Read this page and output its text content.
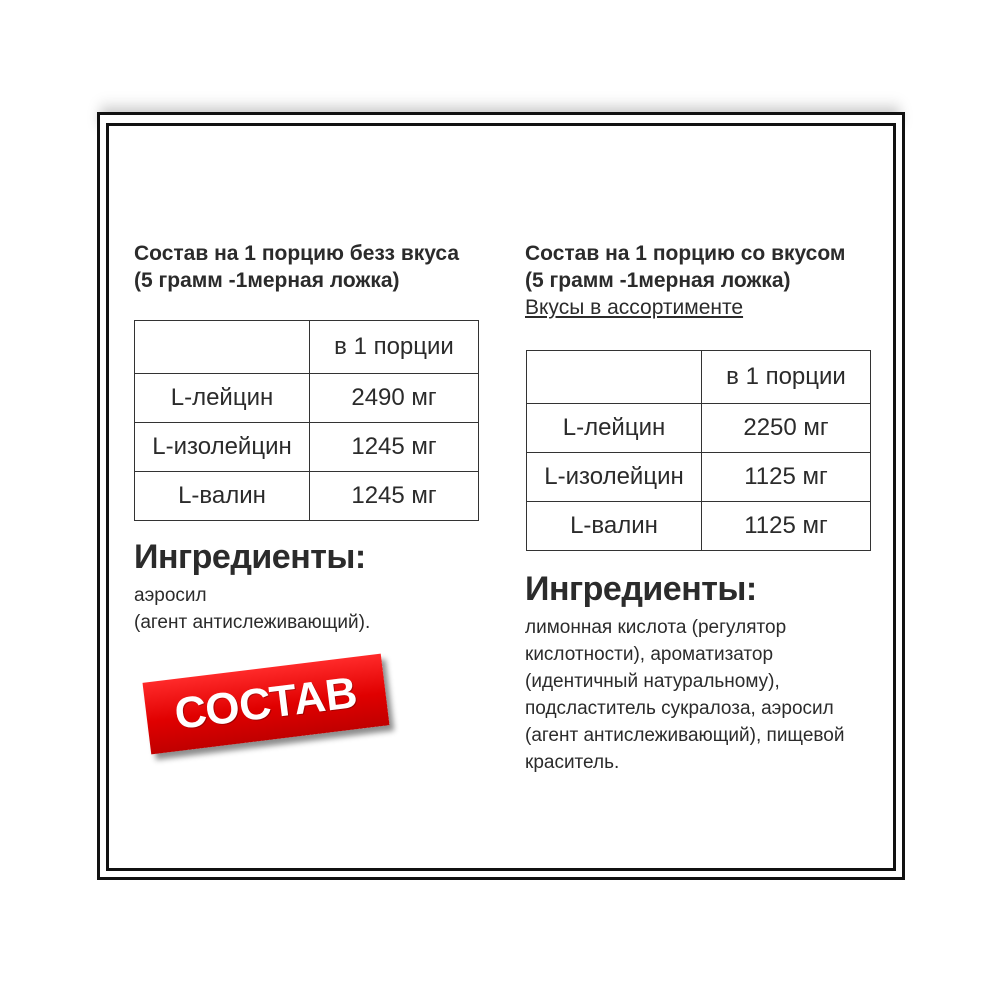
Состав на 1 порцию безз вкуса
(5 грамм -1мерная ложка)
	в 1 порции
L-лейцин	2490 мг
L-изолейцин	1245 мг
L-валин	1245 мг
Ингредиенты:
аэросил
(агент антислеживающий).
Состав на 1 порцию со вкусом
(5 грамм -1мерная ложка)
Вкусы в ассортименте
	в 1 порции
L-лейцин	2250 мг
L-изолейцин	1125 мг
L-валин	1125 мг
Ингредиенты:
лимонная кислота (регулятор
кислотности), ароматизатор
(идентичный натуральному),
подсластитель сукралоза, аэросил
(агент антислеживающий), пищевой
краситель.
СОСТАВ
